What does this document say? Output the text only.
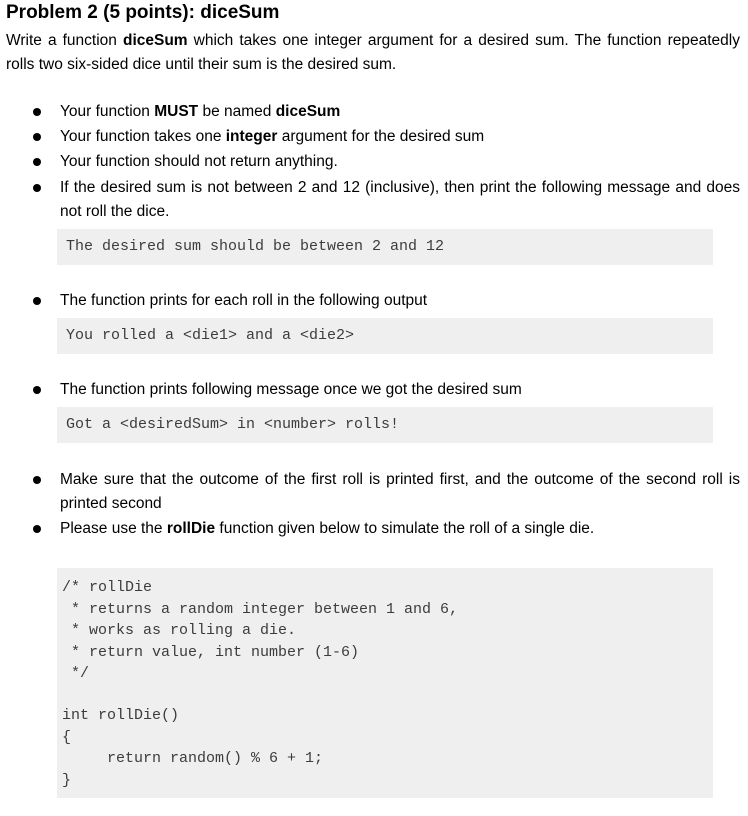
Problem 2 (5 points): diceSum

Write a function diceSum which takes one integer argument for a desired sum. The function repeatedly rolls two six-sided dice until their sum is the desired sum.

Your function MUST be named diceSum
Your function takes one integer argument for the desired sum
Your function should not return anything.
If the desired sum is not between 2 and 12 (inclusive), then print the following message and does not roll the dice.
The desired sum should be between 2 and 12
The function prints for each roll in the following output
You rolled a <die1> and a <die2>
The function prints following message once we got the desired sum
Got a <desiredSum> in <number> rolls!
Make sure that the outcome of the first roll is printed first, and the outcome of the second roll is printed second
Please use the rollDie function given below to simulate the roll of a single die.
/* rollDie
* returns a random integer between 1 and 6,
* works as rolling a die.
* return value, int number (1-6)
*/
int rollDie()
{
return random() % 6 + 1;
}
